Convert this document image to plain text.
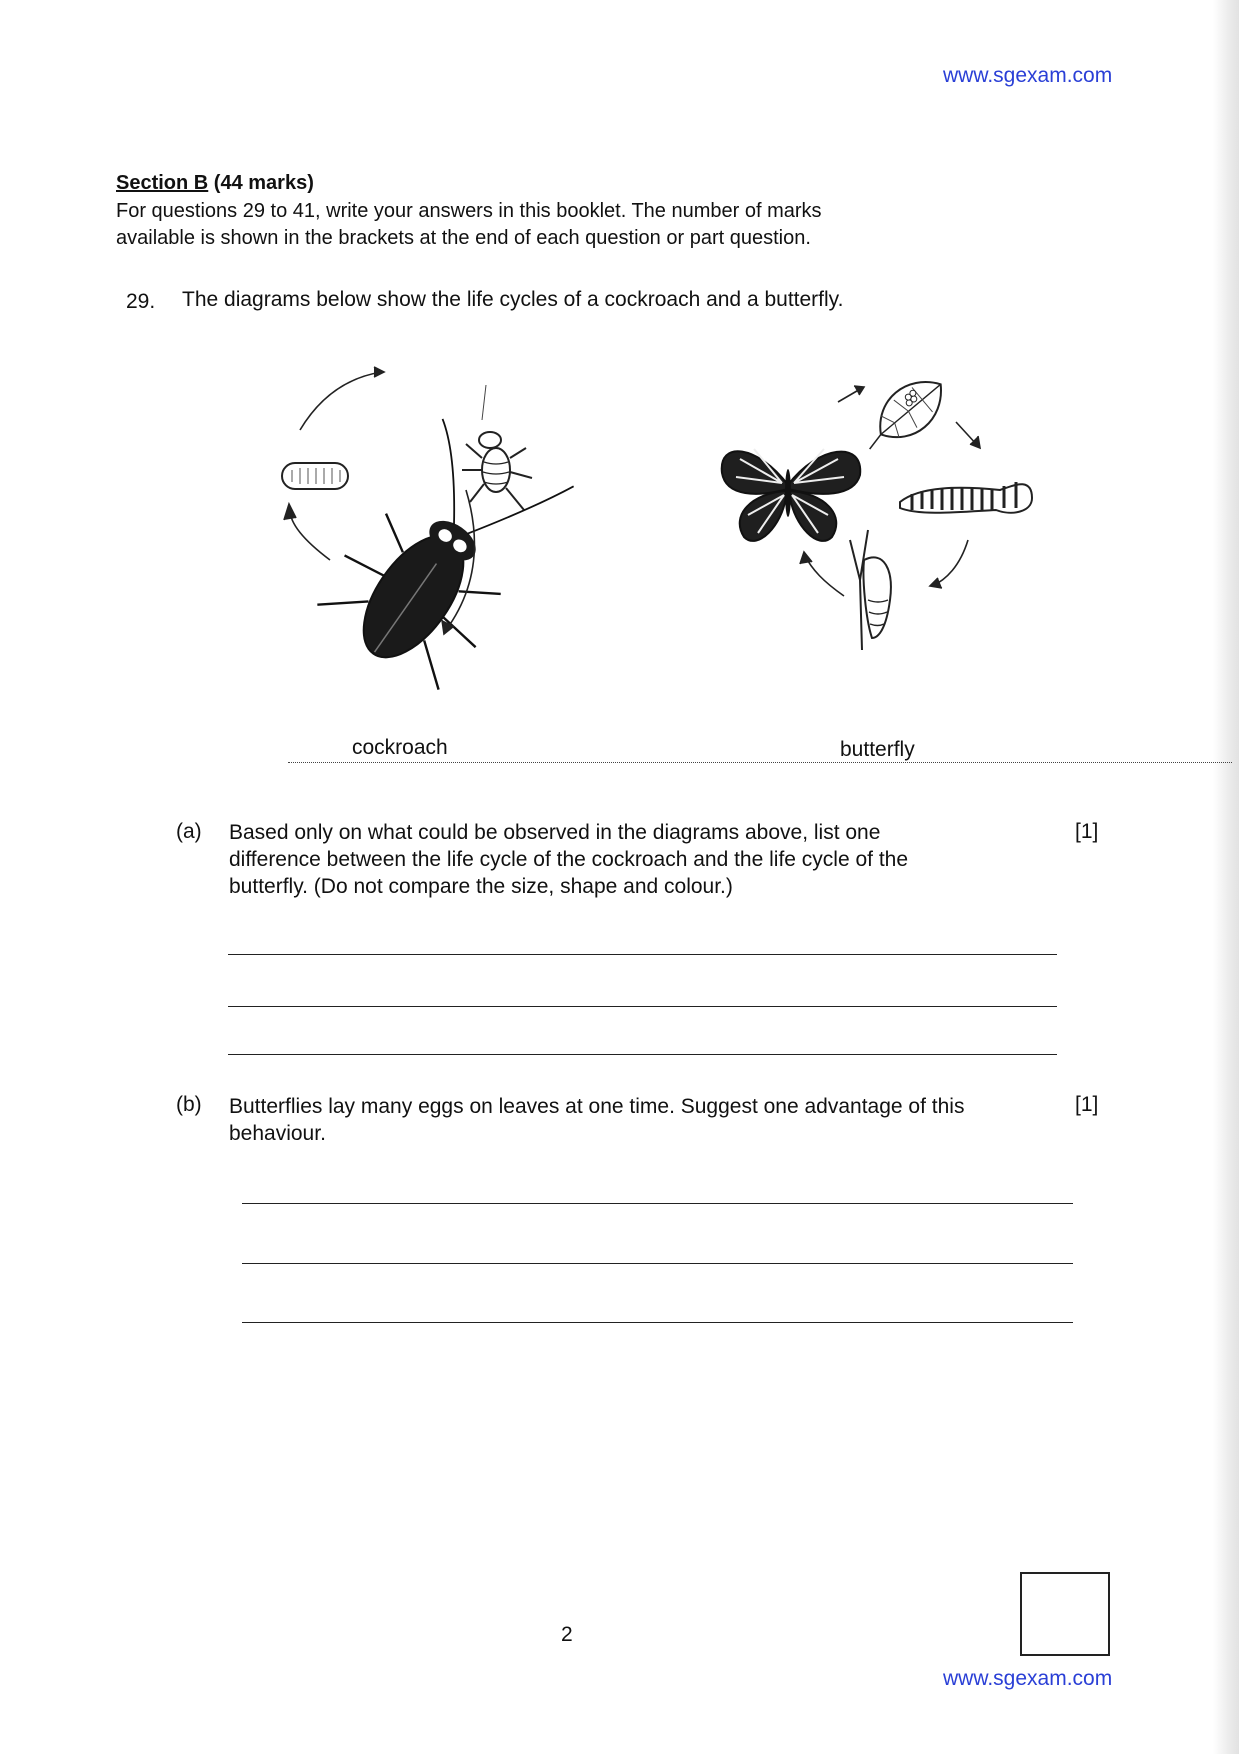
www.sgexam.com
Section B (44 marks)
For questions 29 to 41, write your answers in this booklet. The number of marks
available is shown in the brackets at the end of each question or part question.
29. The diagrams below show the life cycles of a cockroach and a butterfly.
cockroach	butterfly
(a) Based only on what could be observed in the diagrams above, list one
difference between the life cycle of the cockroach and the life cycle of the
butterfly. (Do not compare the size, shape and colour.)
[1]
(b) Butterflies lay many eggs on leaves at one time. Suggest one advantage of this
behaviour.
[1]
2
www.sgexam.com
